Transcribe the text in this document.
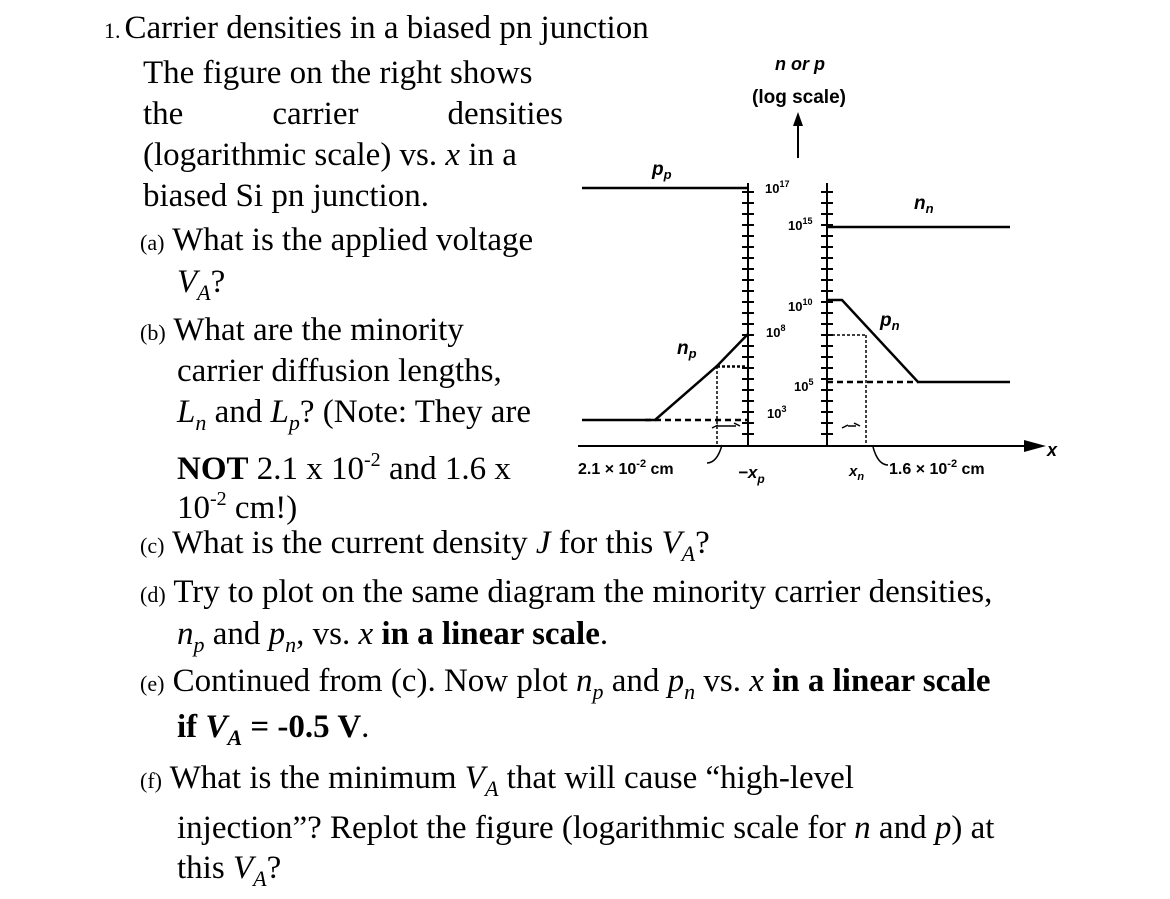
1. Carrier densities in a biased pn junction
The figure on the right shows
the	carrier	densities
(logarithmic scale) vs. x in a
biased Si pn junction.
(a) What is the applied voltage
$V_A$?
(b) What are the minority
carrier diffusion lengths,
$L_n$ and $L_p$? (Note: They are
NOT 2.1 x $10^{-2}$ and 1.6 x
$10^{-2}$ cm!)
(c) What is the current density J for this $V_A$?
(d) Try to plot on the same diagram the minority carrier densities,
$n_p$ and $p_n$, vs. x in a linear scale.
(e) Continued from (c). Now plot $n_p$ and $p_n$ vs. x in a linear scale
if $V_A = -0.5$ V.
(f) What is the minimum $V_A$ that will cause “high-level
injection”? Replot the figure (logarithmic scale for n and p) at
this $V_A$?
n or p
(log scale)
x
$p_p$
$n_n$
$n_p$
$p_n$
$10^{17}$
$10^{15}$
$10^{10}$
$10^8$
$10^5$
$10^3$
$2.1 \times 10^{-2}$ cm	$-x_p$	$x_n$ $1.6 \times 10^{-2}$ cm
